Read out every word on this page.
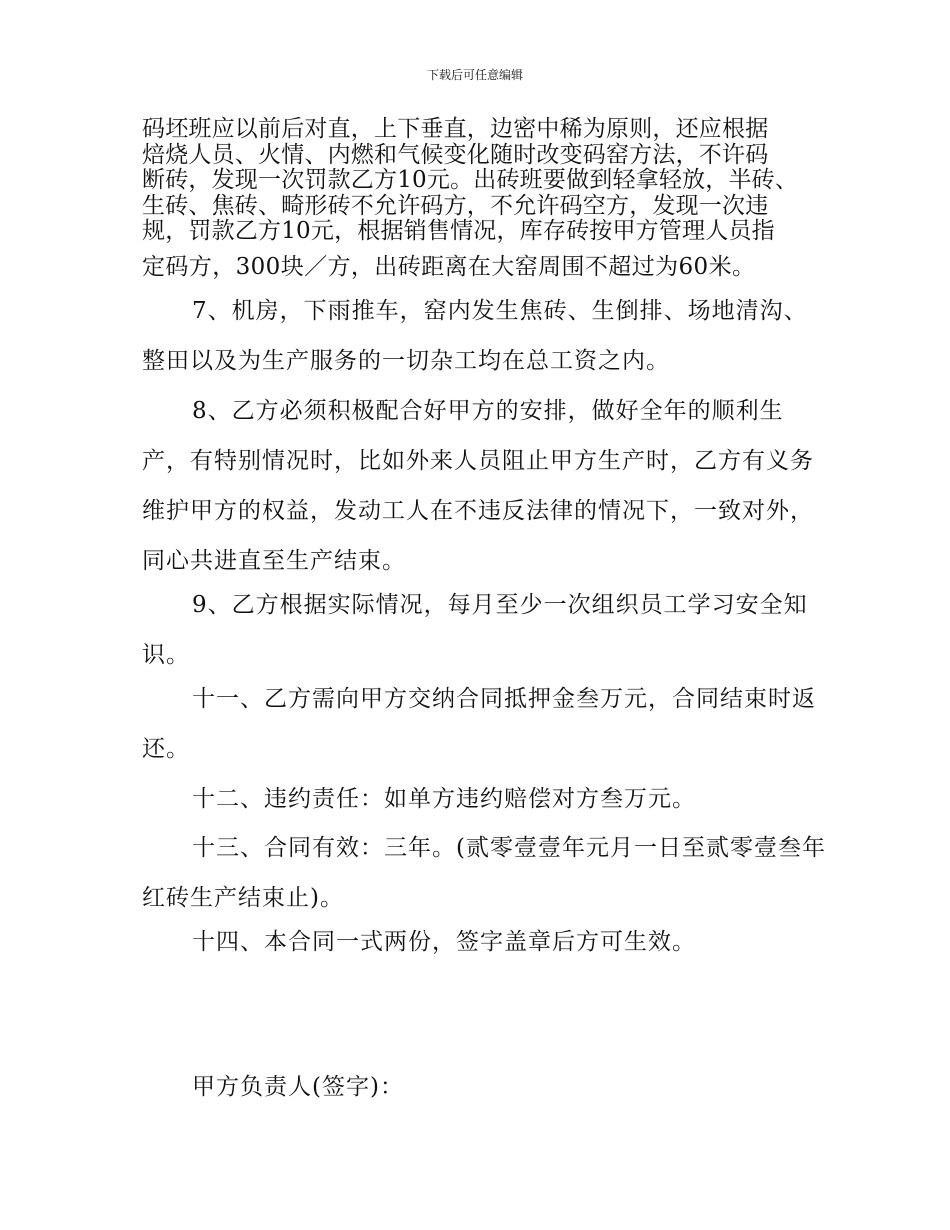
下载后可任意编辑
码坯班应以前后对直，上下垂直，边密中稀为原则，还应根据
焙烧人员、火情、内燃和气候变化随时改变码窑方法，不许码
断砖，发现一次罚款乙方10元。出砖班要做到轻拿轻放，半砖、
生砖、焦砖、畸形砖不允许码方，不允许码空方，发现一次违
规，罚款乙方10元，根据销售情况，库存砖按甲方管理人员指

定码方，300块／方，出砖距离在大窑周围不超过为60米。

7、机房，下雨推车，窑内发生焦砖、生倒排、场地清沟、整田以及为生产服务的一切杂工均在总工资之内。

8、乙方必须积极配合好甲方的安排，做好全年的顺利生产，有特别情况时，比如外来人员阻止甲方生产时，乙方有义务维护甲方的权益，发动工人在不违反法律的情况下，一致对外，同心共进直至生产结束。

9、乙方根据实际情况，每月至少一次组织员工学习安全知识。

十一、乙方需向甲方交纳合同抵押金叁万元，合同结束时返还。

十二、违约责任：如单方违约赔偿对方叁万元。

十三、合同有效：三年。(贰零壹壹年元月一日至贰零壹叁年红砖生产结束止)。

十四、本合同一式两份，签字盖章后方可生效。

甲方负责人(签字)：
